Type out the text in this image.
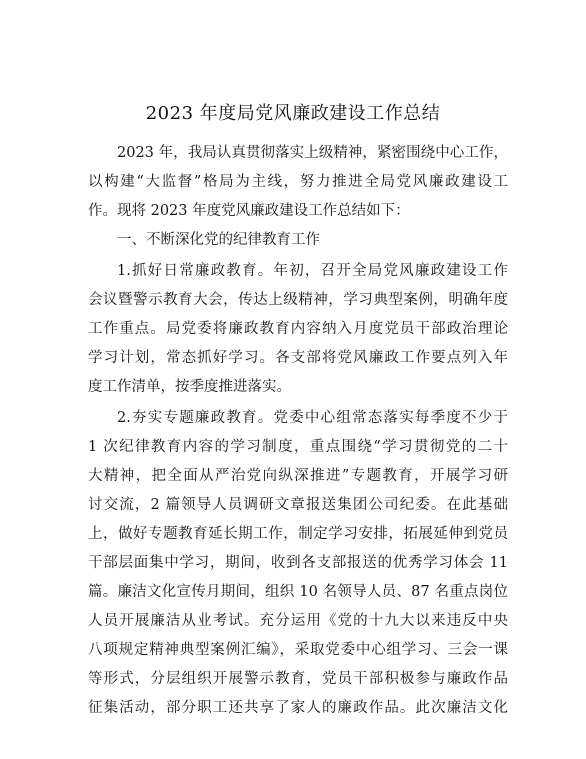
2023 年度局党风廉政建设工作总结
2023 年，我局认真贯彻落实上级精神，紧密围绕中心工作，
以构建“大监督”格局为主线，努力推进全局党风廉政建设工
作。现将 2023 年度党风廉政建设工作总结如下：
一、不断深化党的纪律教育工作
1.抓好日常廉政教育。年初，召开全局党风廉政建设工作
会议暨警示教育大会，传达上级精神，学习典型案例，明确年度
工作重点。局党委将廉政教育内容纳入月度党员干部政治理论
学习计划，常态抓好学习。各支部将党风廉政工作要点列入年
度工作清单，按季度推进落实。
2.夯实专题廉政教育。党委中心组常态落实每季度不少于
1 次纪律教育内容的学习制度，重点围绕“学习贯彻党的二十
大精神，把全面从严治党向纵深推进”专题教育，开展学习研
讨交流，2 篇领导人员调研文章报送集团公司纪委。在此基础
上，做好专题教育延长期工作，制定学习安排，拓展延伸到党员
干部层面集中学习，期间，收到各支部报送的优秀学习体会 11
篇。廉洁文化宣传月期间，组织 10 名领导人员、87 名重点岗位
人员开展廉洁从业考试。充分运用《党的十九大以来违反中央
八项规定精神典型案例汇编》，采取党委中心组学习、三会一课
等形式，分层组织开展警示教育，党员干部积极参与廉政作品
征集活动，部分职工还共享了家人的廉政作品。此次廉洁文化
